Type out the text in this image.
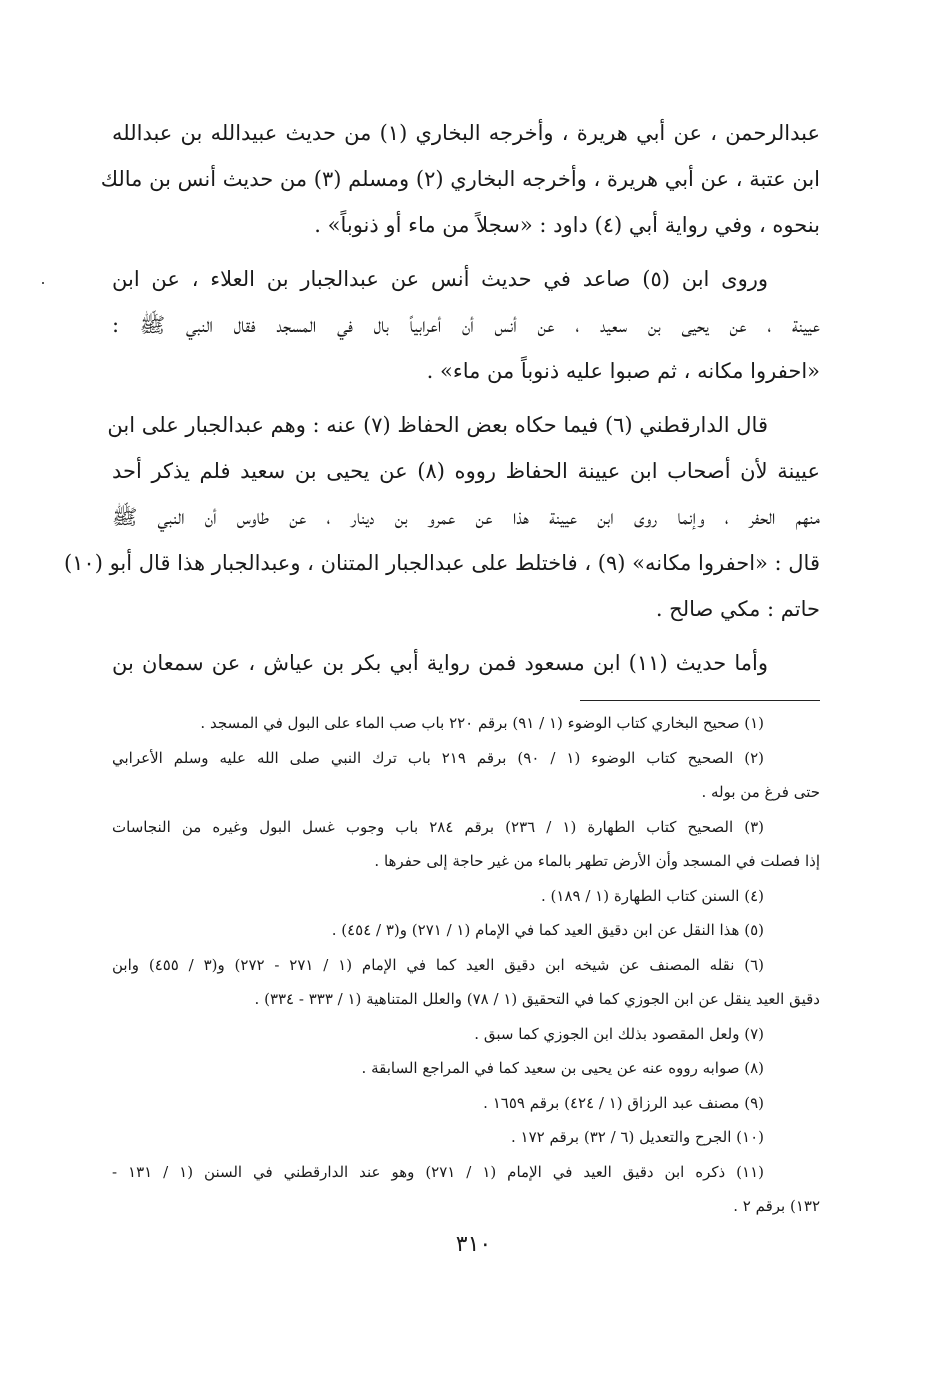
عبدالرحمن ، عن أبي هريرة ، وأخرجه البخاري (١) من حديث عبيدالله بن عبدالله
ابن عتبة ، عن أبي هريرة ، وأخرجه البخاري (٢) ومسلم (٣) من حديث أنس بن مالك
بنحوه ، وفي رواية أبي (٤) داود : «سجلاً من ماء أو ذنوباً» .
وروى ابن (٥) صاعد في حديث أنس عن عبدالجبار بن العلاء ، عن ابن
عيينة ، عن يحيى بن سعيد ، عن أنس أن أعرابياً بال في المسجد فقال النبي ﷺ :
«احفروا مكانه ، ثم صبوا عليه ذنوباً من ماء» .
قال الدارقطني (٦) فيما حكاه بعض الحفاظ (٧) عنه : وهم عبدالجبار على ابن
عيينة لأن أصحاب ابن عيينة الحفاظ رووه (٨) عن يحيى بن سعيد فلم يذكر أحد
منهم الحفر ، وإنما روى ابن عيينة هذا عن عمرو بن دينار ، عن طاوس أن النبي ﷺ
قال : «احفروا مكانه» (٩) ، فاختلط على عبدالجبار المتنان ، وعبدالجبار هذا قال أبو (١٠)
حاتم : مكي صالح .
وأما حديث (١١) ابن مسعود فمن رواية أبي بكر بن عياش ، عن سمعان بن
(١) صحيح البخاري كتاب الوضوء (١ / ٩١) برقم ٢٢٠ باب صب الماء على البول في المسجد .
(٢) الصحيح كتاب الوضوء (١ / ٩٠) برقم ٢١٩ باب ترك النبي صلى الله عليه وسلم الأعرابي
حتى فرغ من بوله .
(٣) الصحيح كتاب الطهارة (١ / ٢٣٦) برقم ٢٨٤ باب وجوب غسل البول وغيره من النجاسات
إذا فصلت في المسجد وأن الأرض تطهر بالماء من غير حاجة إلى حفرها .
(٤) السنن كتاب الطهارة (١ / ١٨٩) .
(٥) هذا النقل عن ابن دقيق العيد كما في الإمام (١ / ٢٧١) و(٣ / ٤٥٤) .
(٦) نقله المصنف عن شيخه ابن دقيق العيد كما في الإمام (١ / ٢٧١ - ٢٧٢) و(٣ / ٤٥٥) وابن
دقيق العيد ينقل عن ابن الجوزي كما في التحقيق (١ / ٧٨) والعلل المتناهية (١ / ٣٣٣ - ٣٣٤) .
(٧) ولعل المقصود بذلك ابن الجوزي كما سبق .
(٨) صوابه رووه عنه عن يحيى بن سعيد كما في المراجع السابقة .
(٩) مصنف عبد الرزاق (١ / ٤٢٤) برقم ١٦٥٩ .
(١٠) الجرح والتعديل (٦ / ٣٢) برقم ١٧٢ .
(١١) ذكره ابن دقيق العيد في الإمام (١ / ٢٧١) وهو عند الدارقطني في السنن (١ / ١٣١ -
١٣٢) برقم ٢ .
٣١٠
